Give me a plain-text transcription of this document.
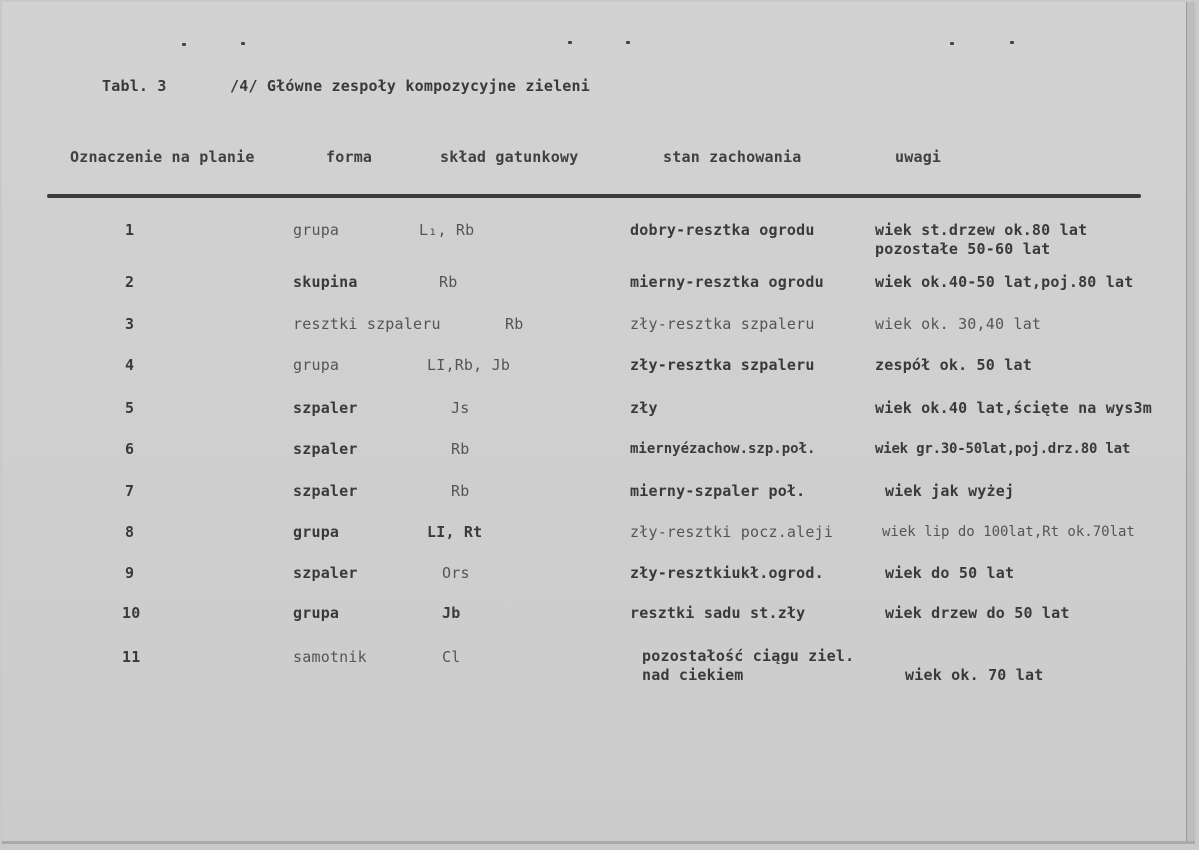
Tabl. 3	/4/ Główne zespoły kompozycyjne zieleni
Oznaczenie na planie	forma	skład gatunkowy	stan zachowania	uwagi
1	grupa	L₁, Rb	dobry-resztka ogrodu	wiek st.drzew ok.80 lat
pozostałe 50-60 lat
2	skupina	Rb	mierny-resztka ogrodu	wiek ok.40-50 lat,poj.80 lat
3	resztki szpaleru	Rb	zły-resztka szpaleru	wiek ok. 30,40 lat
4	grupa	LI,Rb, Jb	zły-resztka szpaleru	zespół ok. 50 lat
5	szpaler	Js	zły	wiek ok.40 lat,ścięte na wys3m
6	szpaler	Rb	miernyézachow.szp.poł.	wiek gr.30-50lat,poj.drz.80 lat
7	szpaler	Rb	mierny-szpaler poł.	wiek jak wyżej
8	grupa	LI, Rt	zły-resztki pocz.aleji	wiek lip do 100lat,Rt ok.70lat
9	szpaler	Ors	zły-resztkiukł.ogrod.	wiek do 50 lat
10	grupa	Jb	resztki sadu st.zły	wiek drzew do 50 lat
11	samotnik	Cl	pozostałość ciągu ziel.
nad ciekiem	wiek ok. 70 lat
